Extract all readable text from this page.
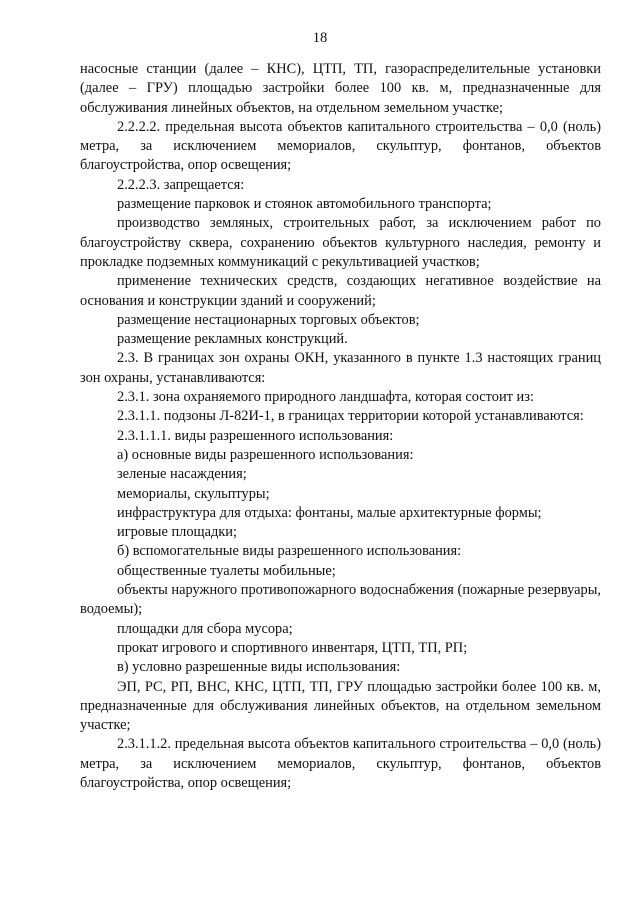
18

насосные станции (далее – КНС), ЦТП, ТП, газораспределительные установки (далее – ГРУ) площадью застройки более 100 кв. м, предназначенные для обслуживания линейных объектов, на отдельном земельном участке;

2.2.2.2. предельная высота объектов капитального строительства – 0,0 (ноль) метра, за исключением мемориалов, скульптур, фонтанов, объектов благоустройства, опор освещения;

2.2.2.3. запрещается:

размещение парковок и стоянок автомобильного транспорта;

производство земляных, строительных работ, за исключением работ по благоустройству сквера, сохранению объектов культурного наследия, ремонту и прокладке подземных коммуникаций с рекультивацией участков;

применение технических средств, создающих негативное воздействие на основания и конструкции зданий и сооружений;

размещение нестационарных торговых объектов;

размещение рекламных конструкций.

2.3. В границах зон охраны ОКН, указанного в пункте 1.3 настоящих границ зон охраны, устанавливаются:

2.3.1. зона охраняемого природного ландшафта, которая состоит из:

2.3.1.1. подзоны Л-82И-1, в границах территории которой устанавливаются:

2.3.1.1.1. виды разрешенного использования:

а) основные виды разрешенного использования:

зеленые насаждения;

мемориалы, скульптуры;

инфраструктура для отдыха: фонтаны, малые архитектурные формы;

игровые площадки;

б) вспомогательные виды разрешенного использования:

общественные туалеты мобильные;

объекты наружного противопожарного водоснабжения (пожарные резервуары, водоемы);

площадки для сбора мусора;

прокат игрового и спортивного инвентаря, ЦТП, ТП, РП;

в) условно разрешенные виды использования:

ЭП, РС, РП, ВНС, КНС, ЦТП, ТП, ГРУ площадью застройки более 100 кв. м, предназначенные для обслуживания линейных объектов, на отдельном земельном участке;

2.3.1.1.2. предельная высота объектов капитального строительства – 0,0 (ноль) метра, за исключением мемориалов, скульптур, фонтанов, объектов благоустройства, опор освещения;
